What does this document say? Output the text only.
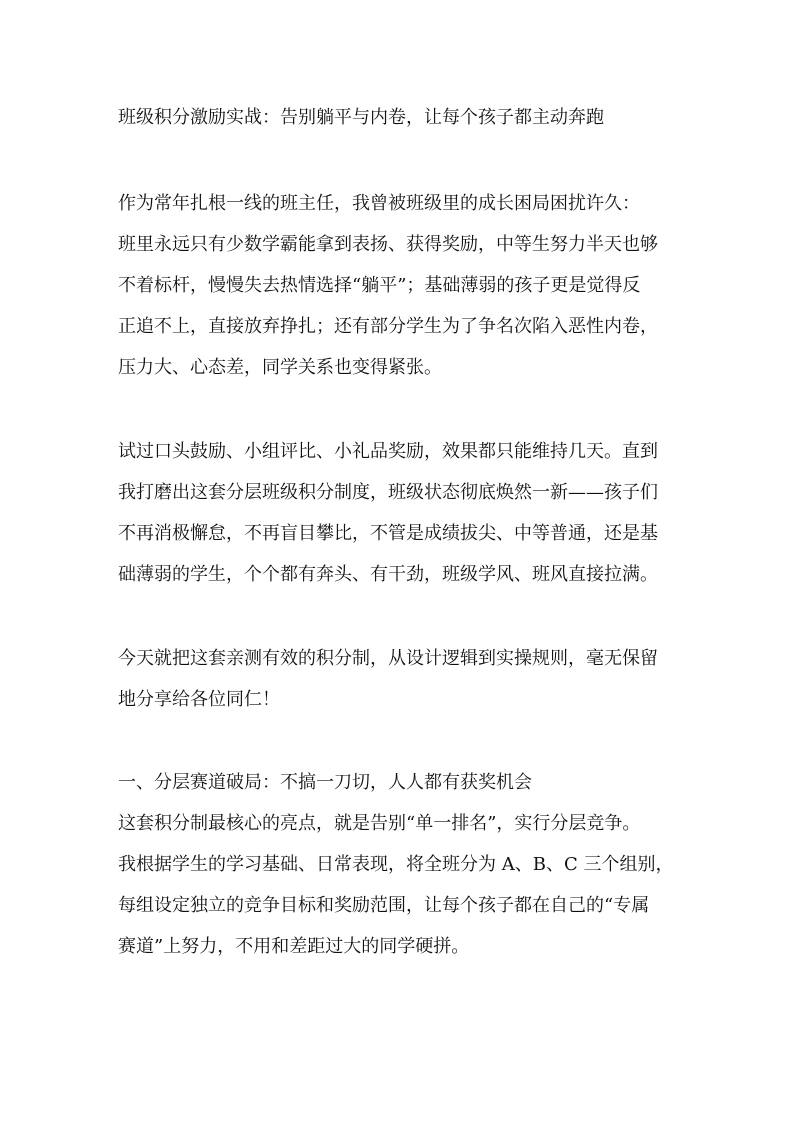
班级积分激励实战：告别躺平与内卷，让每个孩子都主动奔跑
作为常年扎根一线的班主任，我曾被班级里的成长困局困扰许久：
班里永远只有少数学霸能拿到表扬、获得奖励，中等生努力半天也够
不着标杆，慢慢失去热情选择“躺平”；基础薄弱的孩子更是觉得反
正追不上，直接放弃挣扎；还有部分学生为了争名次陷入恶性内卷，
压力大、心态差，同学关系也变得紧张。
试过口头鼓励、小组评比、小礼品奖励，效果都只能维持几天。直到
我打磨出这套分层班级积分制度，班级状态彻底焕然一新——孩子们
不再消极懈怠，不再盲目攀比，不管是成绩拔尖、中等普通，还是基
础薄弱的学生，个个都有奔头、有干劲，班级学风、班风直接拉满。
今天就把这套亲测有效的积分制，从设计逻辑到实操规则，毫无保留
地分享给各位同仁！
一、分层赛道破局：不搞一刀切，人人都有获奖机会
这套积分制最核心的亮点，就是告别“单一排名”，实行分层竞争。
我根据学生的学习基础、日常表现，将全班分为 A、B、C 三个组别，
每组设定独立的竞争目标和奖励范围，让每个孩子都在自己的“专属
赛道”上努力，不用和差距过大的同学硬拼。
